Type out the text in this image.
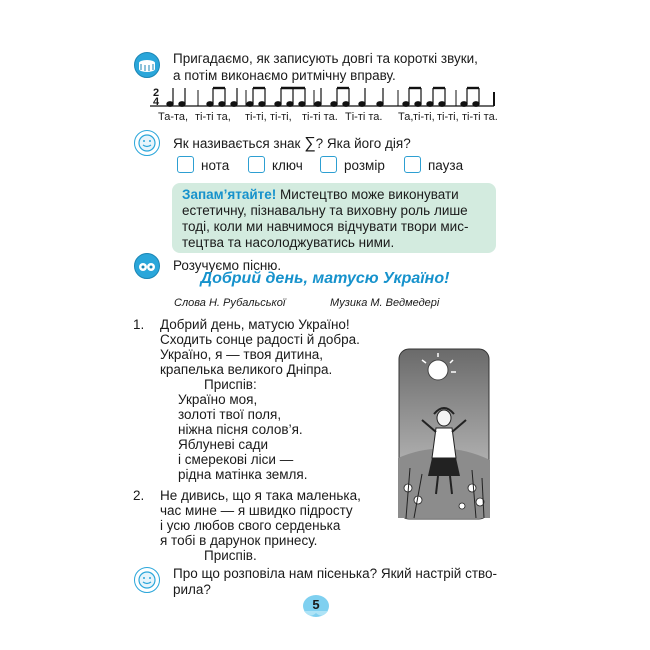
Пригадаємо, як записують довгі та короткі звуки,
а потім виконаємо ритмічну вправу.
2
4
Та-та, ті-ті та, ті-ті, ті-ті, ті-ті та. Ті-ті та. Та, ті-ті, ті-ті, ті-ті та.
Як називається знак ∑? Яка його дія?
нота	ключ	розмір	пауза
Запам’ятайте! Мистецтво може виконувати
естетичну, пізнавальну та виховну роль лише
тоді, коли ми навчимося відчувати твори мис-
тецтва та насолоджуватись ними.
Розучуємо пісню.
Добрий день, матусю Україно!
Слова Н. Рубальської	Музика М. Ведмедері
1. Добрий день, матусю Україно!
Сходить сонце радості й добра.
Україно, я — твоя дитина,
крапелька великого Дніпра.
Приспів:
Україно моя,
золоті твої поля,
ніжна пісня солов’я.
Яблуневі сади
і смерекові ліси —
рідна матінка земля.
2. Не дивись, що я така маленька,
час мине — я швидко підросту
і усю любов свого серденька
я тобі в дарунок принесу.
Приспів.
Про що розповіла нам пісенька? Який настрій ство-
рила?
5
